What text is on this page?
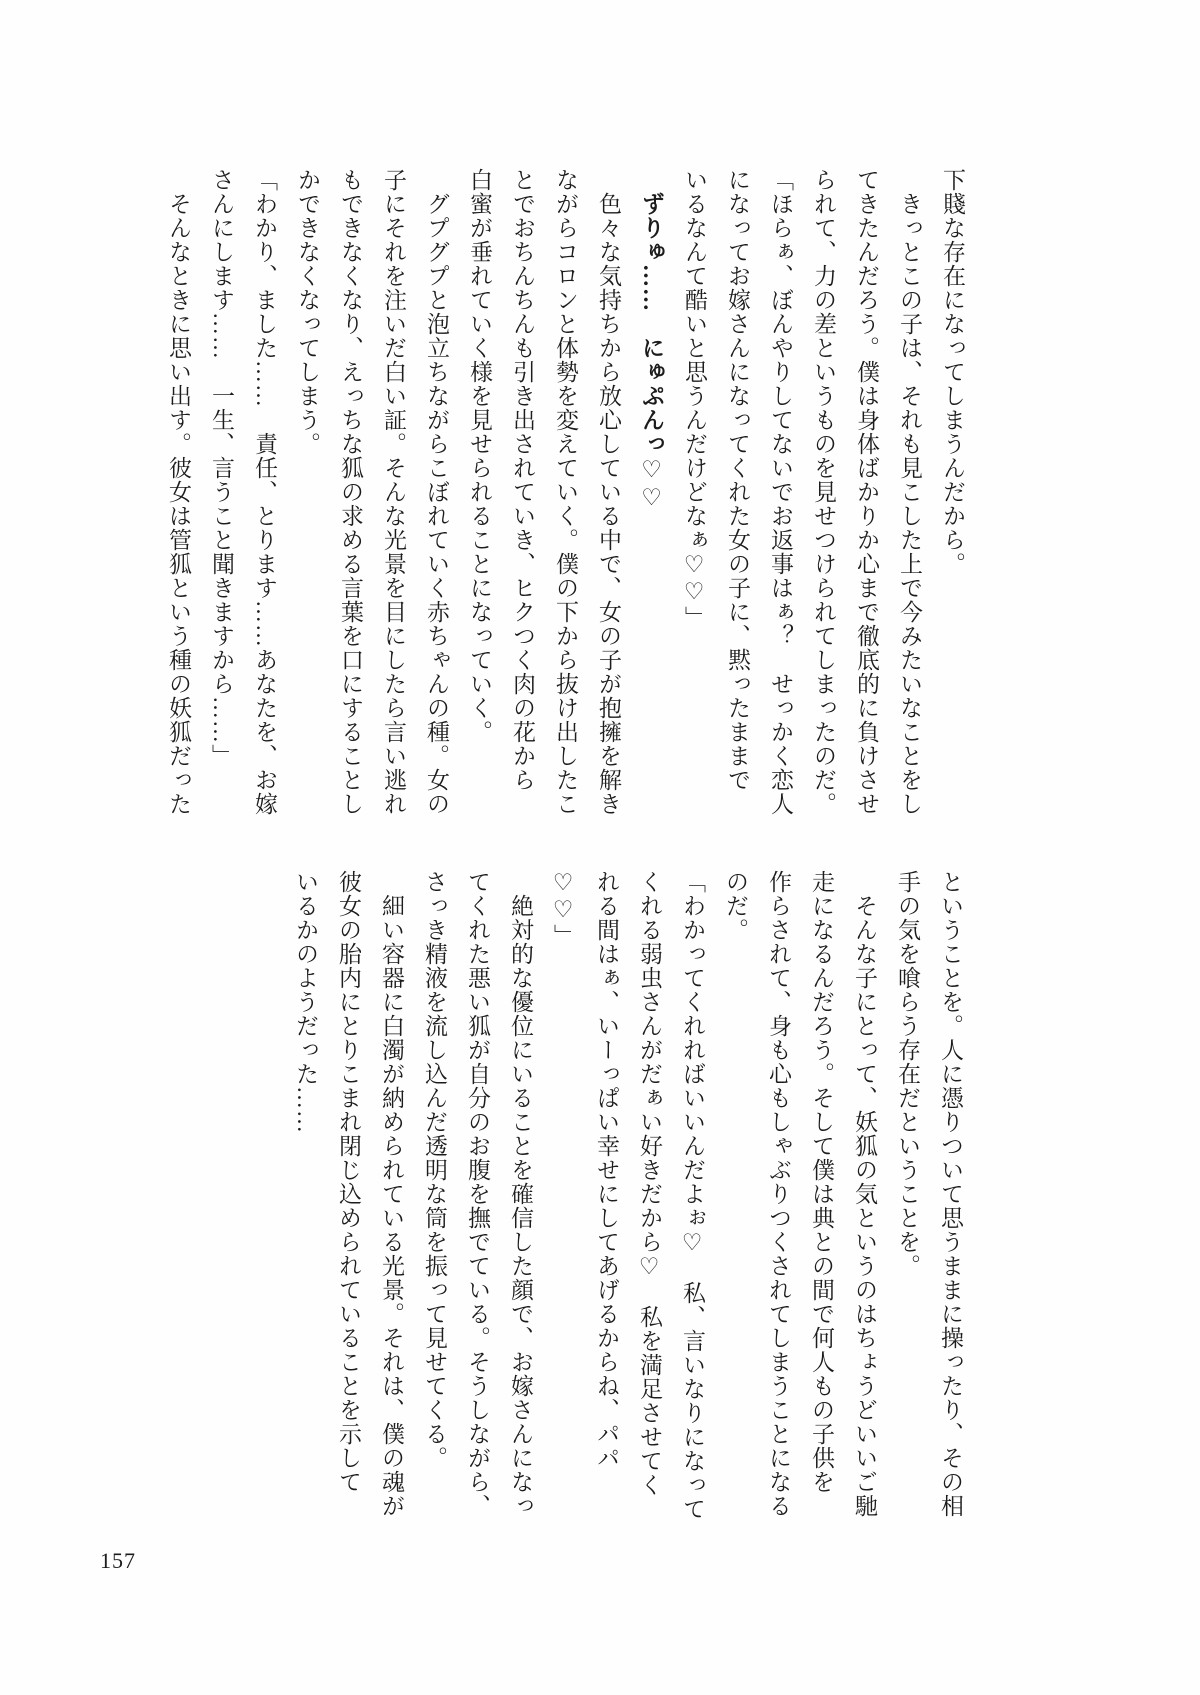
下賤な存在になってしまうんだから。

きっとこの子は、それも見こした上で今みたいなことをし

てきたんだろう。僕は身体ばかりか心まで徹底的に負けさせ

られて、力の差というものを見せつけられてしまったのだ。

「ほらぁ、ぼんやりしてないでお返事はぁ？　せっかく恋人

になってお嫁さんになってくれた女の子に、黙ったままで

いるなんて酷いと思うんだけどなぁ♡♡」

ずりゅ……　にゅぷんっ♡♡

色々な気持ちから放心している中で、女の子が抱擁を解き

ながらコロンと体勢を変えていく。僕の下から抜け出したこ

とでおちんちんも引き出されていき、ヒクつく肉の花から

白蜜が垂れていく様を見せられることになっていく。

グプグプと泡立ちながらこぼれていく赤ちゃんの種。女の

子にそれを注いだ白い証。そんな光景を目にしたら言い逃れ

もできなくなり、えっちな狐の求める言葉を口にすることし

かできなくなってしまう。

「わかり、ました……　責任、とります……あなたを、お嫁

さんにします……　一生、言うこと聞きますから……」

そんなときに思い出す。彼女は管狐という種の妖狐だった

ということを。人に憑りついて思うままに操ったり、その相

手の気を喰らう存在だということを。

そんな子にとって、妖狐の気というのはちょうどいいご馳

走になるんだろう。そして僕は典との間で何人もの子供を

作らされて、身も心もしゃぶりつくされてしまうことになる

のだ。

「わかってくれればいいんだよぉ♡　私、言いなりになって

くれる弱虫さんがだぁい好きだから♡　私を満足させてく

れる間はぁ、いーっぱい幸せにしてあげるからね、パパ♡♡」

絶対的な優位にいることを確信した顔で、お嫁さんになっ

てくれた悪い狐が自分のお腹を撫でている。そうしながら、

さっき精液を流し込んだ透明な筒を振って見せてくる。

細い容器に白濁が納められている光景。それは、僕の魂が

彼女の胎内にとりこまれ閉じ込められていることを示して

いるかのようだった……

157
